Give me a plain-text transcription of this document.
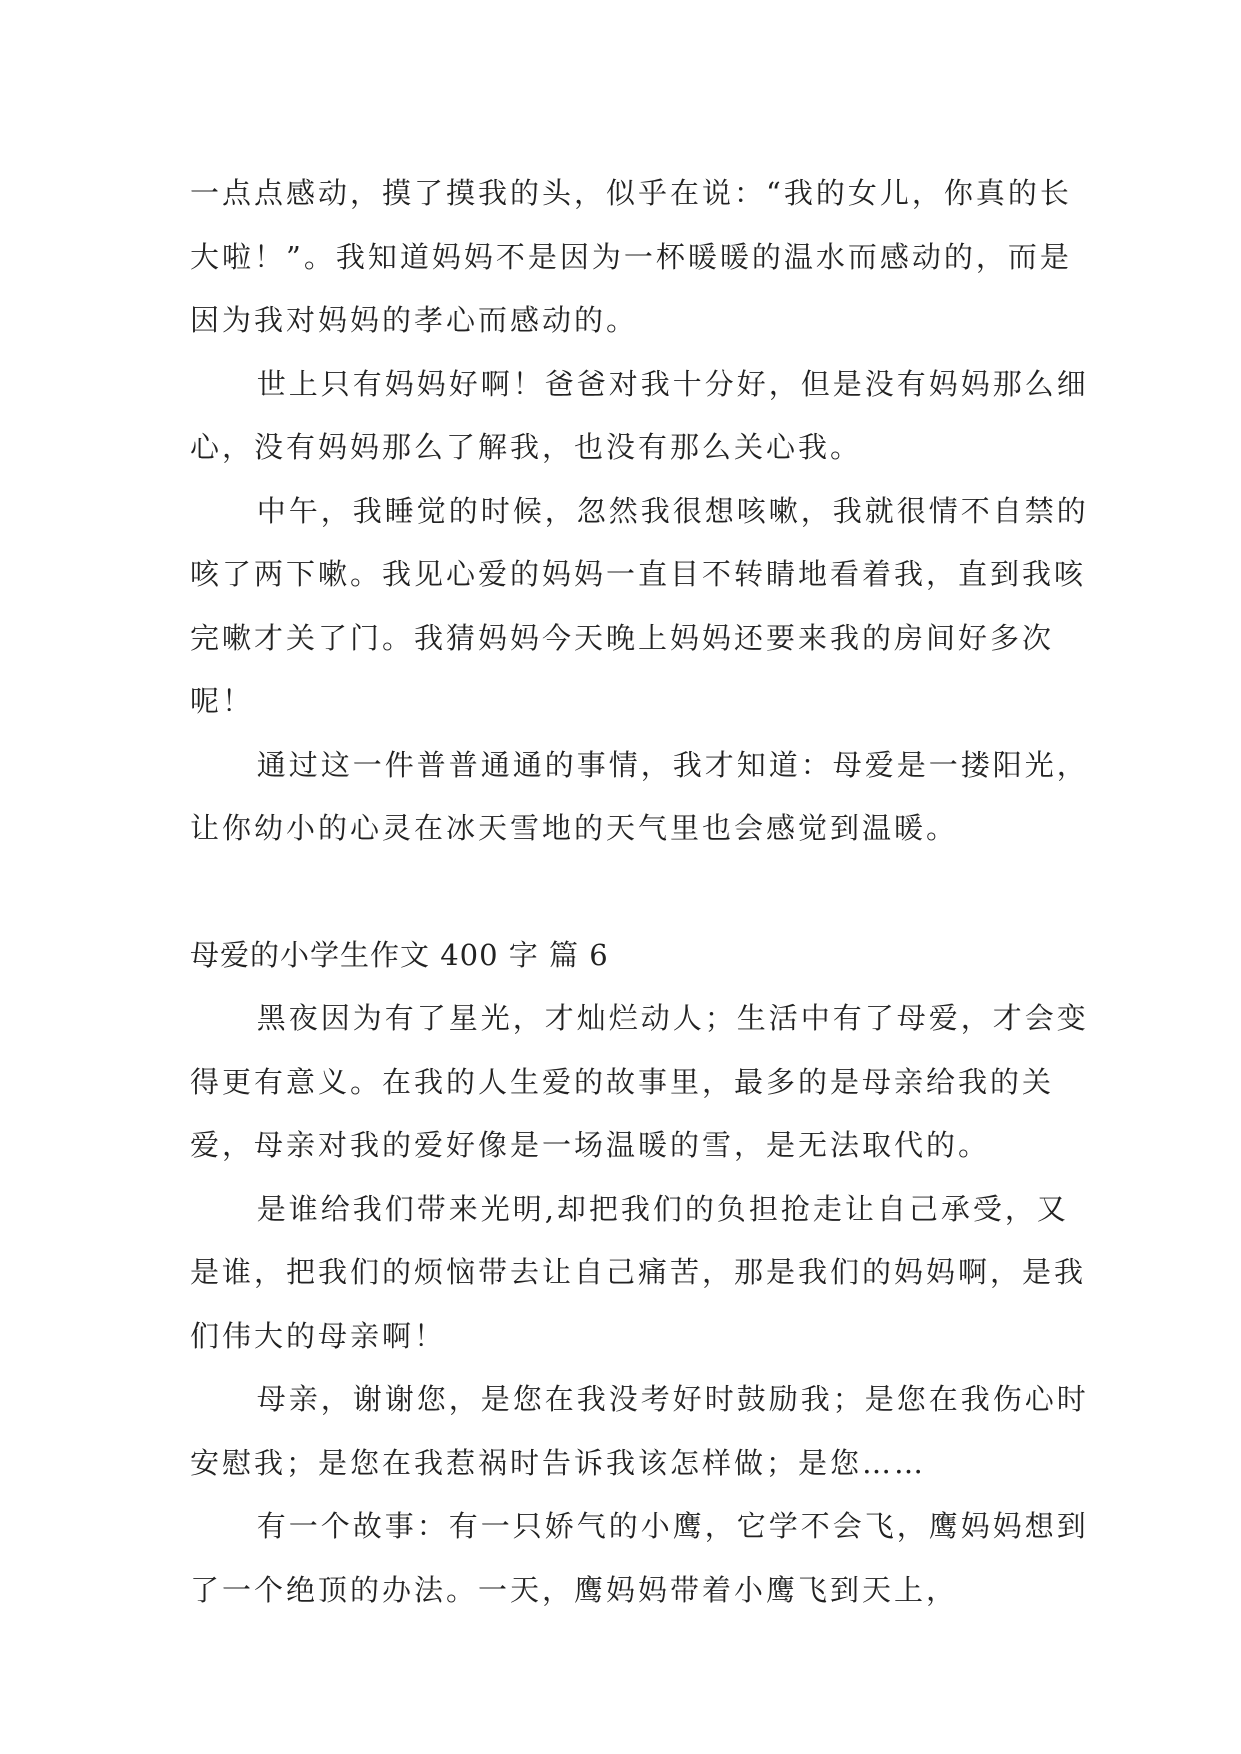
一点点感动，摸了摸我的头，似乎在说：“我的女儿，你真的长大啦！”。我知道妈妈不是因为一杯暖暖的温水而感动的，而是因为我对妈妈的孝心而感动的。

世上只有妈妈好啊！爸爸对我十分好，但是没有妈妈那么细心，没有妈妈那么了解我，也没有那么关心我。

中午，我睡觉的时候，忽然我很想咳嗽，我就很情不自禁的咳了两下嗽。我见心爱的妈妈一直目不转睛地看着我，直到我咳完嗽才关了门。我猜妈妈今天晚上妈妈还要来我的房间好多次呢！

通过这一件普普通通的事情，我才知道：母爱是一搂阳光，让你幼小的心灵在冰天雪地的天气里也会感觉到温暖。

母爱的小学生作文 400 字 篇 6

黑夜因为有了星光，才灿烂动人；生活中有了母爱，才会变得更有意义。在我的人生爱的故事里，最多的是母亲给我的关爱，母亲对我的爱好像是一场温暖的雪，是无法取代的。

是谁给我们带来光明,却把我们的负担抢走让自己承受，又是谁，把我们的烦恼带去让自己痛苦，那是我们的妈妈啊，是我们伟大的母亲啊！

母亲，谢谢您，是您在我没考好时鼓励我；是您在我伤心时安慰我；是您在我惹祸时告诉我该怎样做；是您……

有一个故事：有一只娇气的小鹰，它学不会飞，鹰妈妈想到了一个绝顶的办法。一天，鹰妈妈带着小鹰飞到天上，
